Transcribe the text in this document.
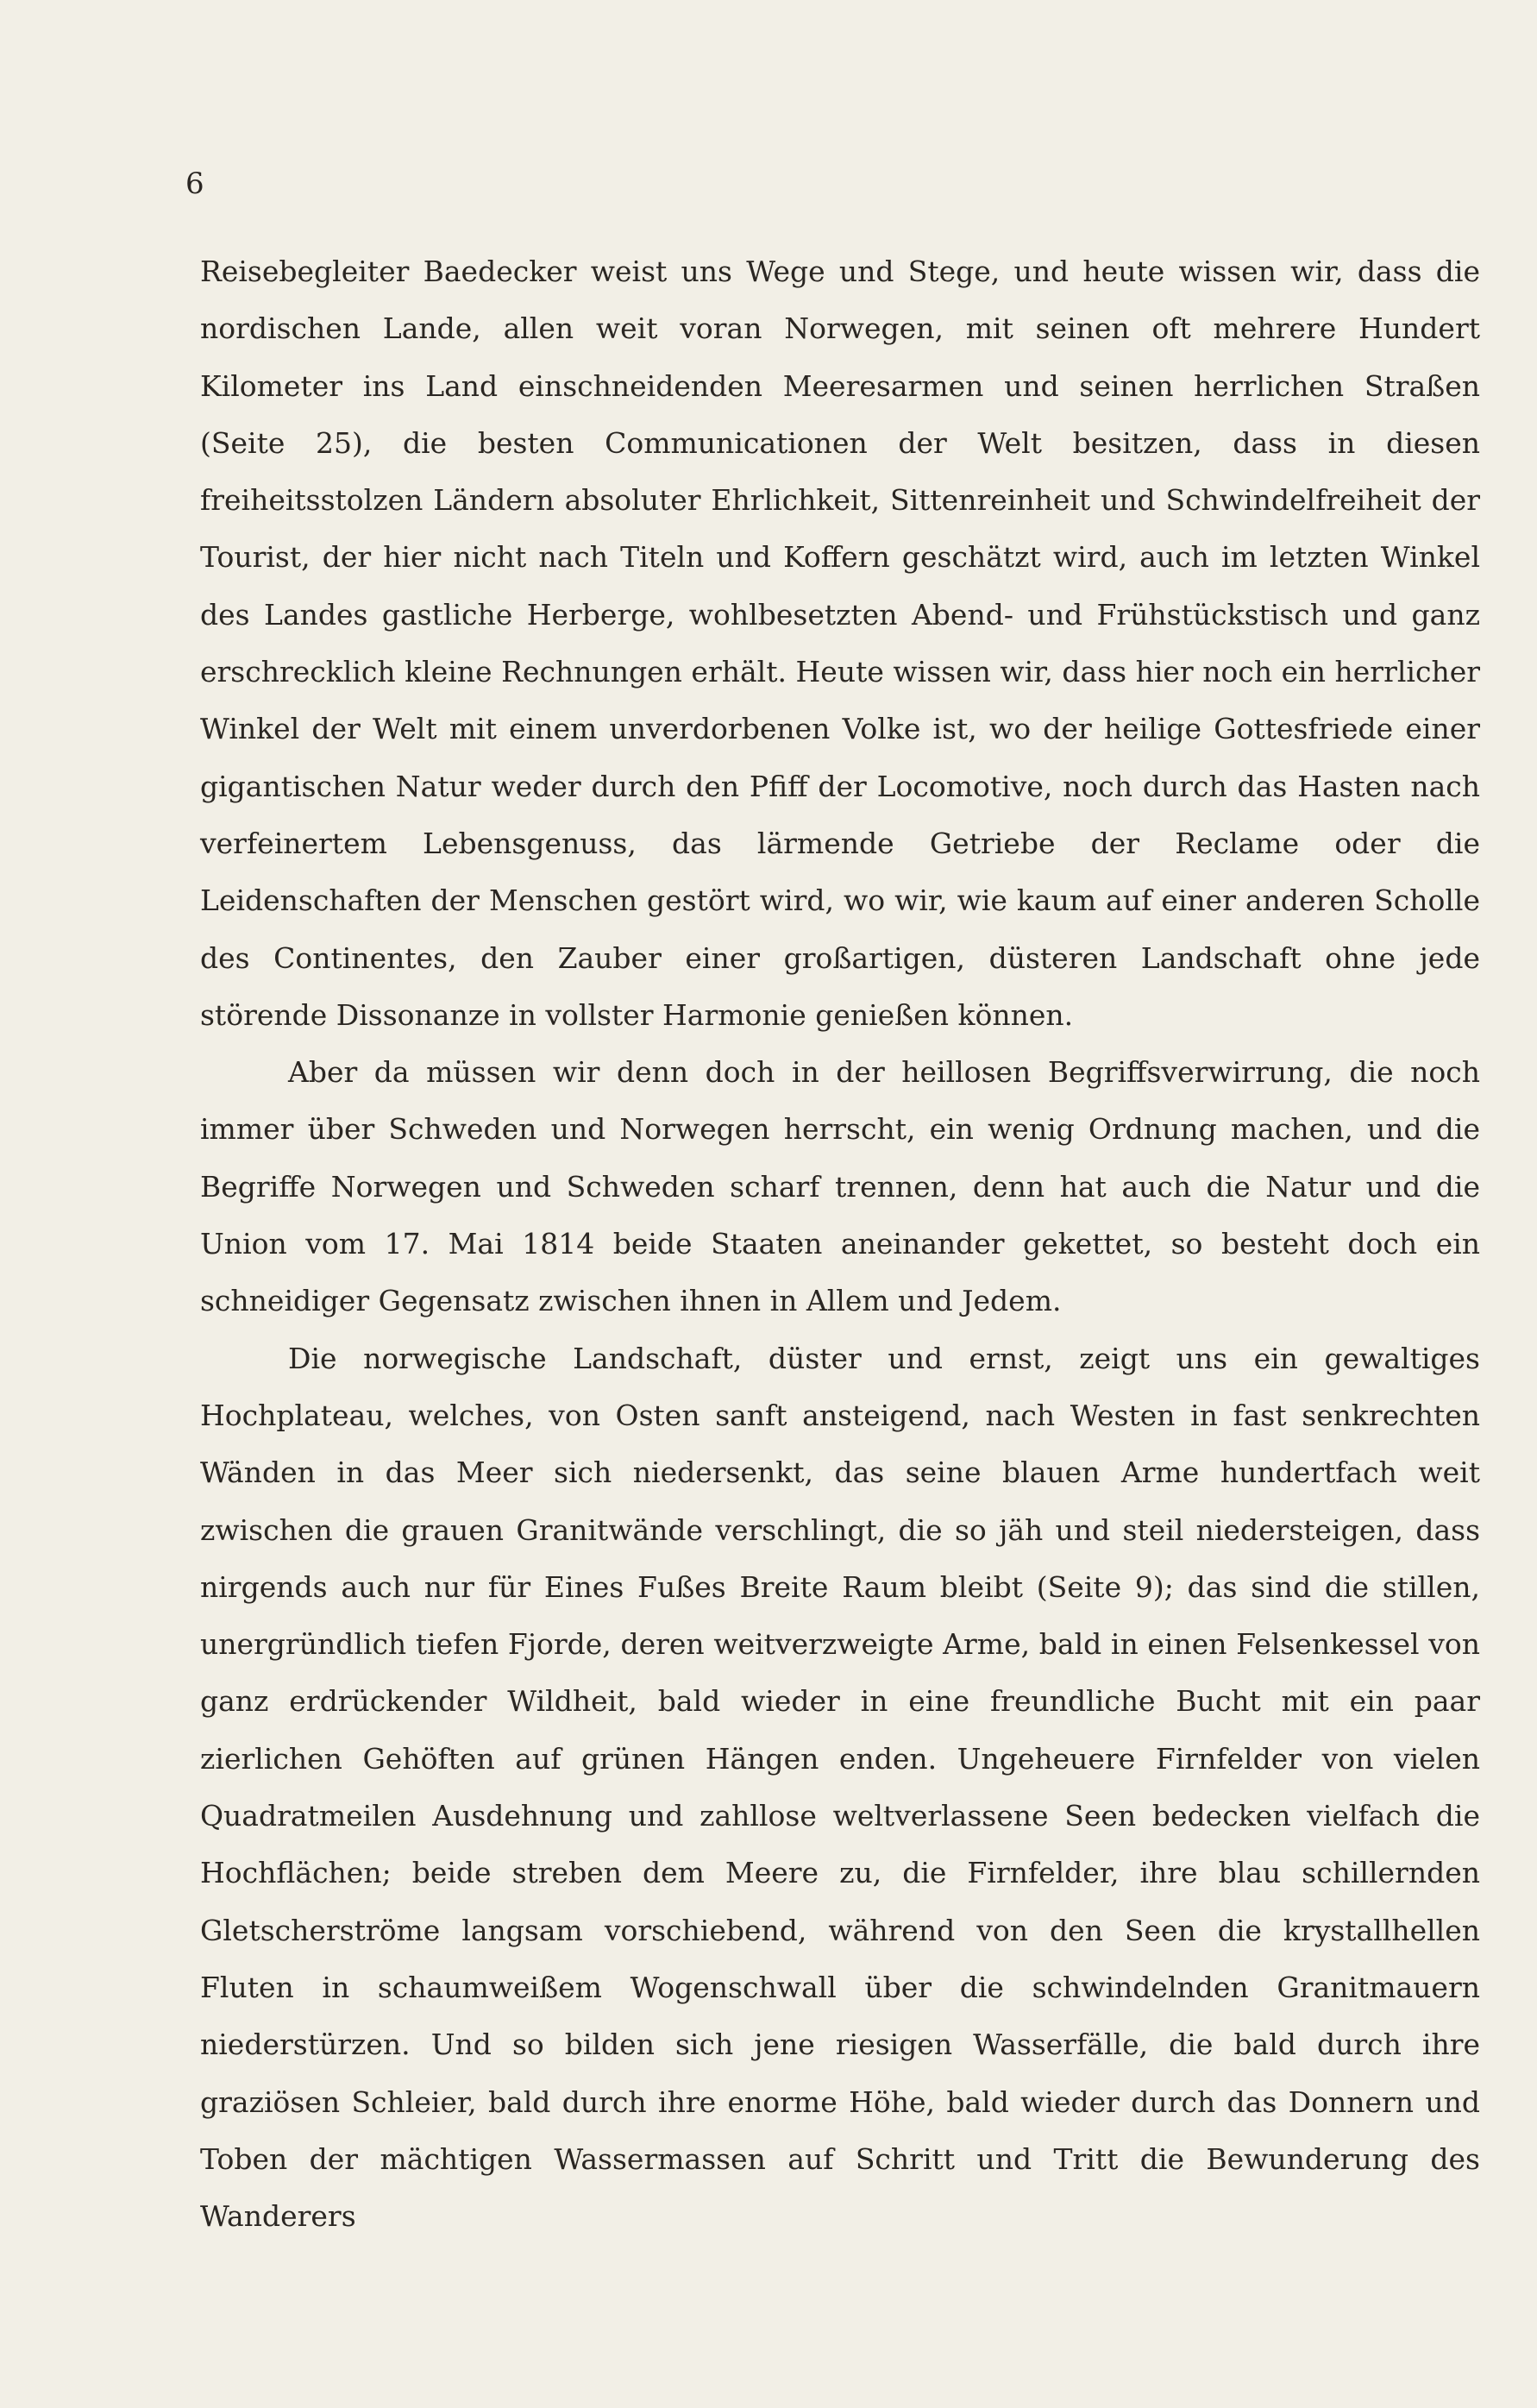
6

Reisebegleiter Baedecker weist uns Wege und Stege, und heute wissen wir, dass die nordischen Lande, allen weit voran Norwegen, mit seinen oft mehrere Hundert Kilometer ins Land einschneidenden Meeresarmen und seinen herrlichen Straßen (Seite 25), die besten Communicationen der Welt besitzen, dass in diesen freiheitsstolzen Ländern absoluter Ehrlichkeit, Sittenreinheit und Schwindelfreiheit der Tourist, der hier nicht nach Titeln und Koffern geschätzt wird, auch im letzten Winkel des Landes gastliche Herberge, wohlbesetzten Abend- und Frühstückstisch und ganz erschrecklich kleine Rechnungen erhält. Heute wissen wir, dass hier noch ein herrlicher Winkel der Welt mit einem unverdorbenen Volke ist, wo der heilige Gottesfriede einer gigantischen Natur weder durch den Pfiff der Locomotive, noch durch das Hasten nach verfeinertem Lebensgenuss, das lärmende Getriebe der Reclame oder die Leidenschaften der Menschen gestört wird, wo wir, wie kaum auf einer anderen Scholle des Continentes, den Zauber einer großartigen, düsteren Landschaft ohne jede störende Dissonanze in vollster Harmonie genießen können.

Aber da müssen wir denn doch in der heillosen Begriffsverwirrung, die noch immer über Schweden und Norwegen herrscht, ein wenig Ordnung machen, und die Begriffe Norwegen und Schweden scharf trennen, denn hat auch die Natur und die Union vom 17. Mai 1814 beide Staaten aneinander gekettet, so besteht doch ein schneidiger Gegensatz zwischen ihnen in Allem und Jedem.

Die norwegische Landschaft, düster und ernst, zeigt uns ein gewaltiges Hochplateau, welches, von Osten sanft ansteigend, nach Westen in fast senkrechten Wänden in das Meer sich niedersenkt, das seine blauen Arme hundertfach weit zwischen die grauen Granitwände verschlingt, die so jäh und steil niedersteigen, dass nirgends auch nur für Eines Fußes Breite Raum bleibt (Seite 9); das sind die stillen, unergründlich tiefen Fjorde, deren weitverzweigte Arme, bald in einen Felsenkessel von ganz erdrückender Wildheit, bald wieder in eine freundliche Bucht mit ein paar zierlichen Gehöften auf grünen Hängen enden. Ungeheuere Firnfelder von vielen Quadratmeilen Ausdehnung und zahllose weltverlassene Seen bedecken vielfach die Hochflächen; beide streben dem Meere zu, die Firnfelder, ihre blau schillernden Gletscherströme langsam vorschiebend, während von den Seen die krystallhellen Fluten in schaumweißem Wogenschwall über die schwindelnden Granitmauern niederstürzen. Und so bilden sich jene riesigen Wasserfälle, die bald durch ihre graziösen Schleier, bald durch ihre enorme Höhe, bald wieder durch das Donnern und Toben der mächtigen Wassermassen auf Schritt und Tritt die Bewunderung des Wanderers
